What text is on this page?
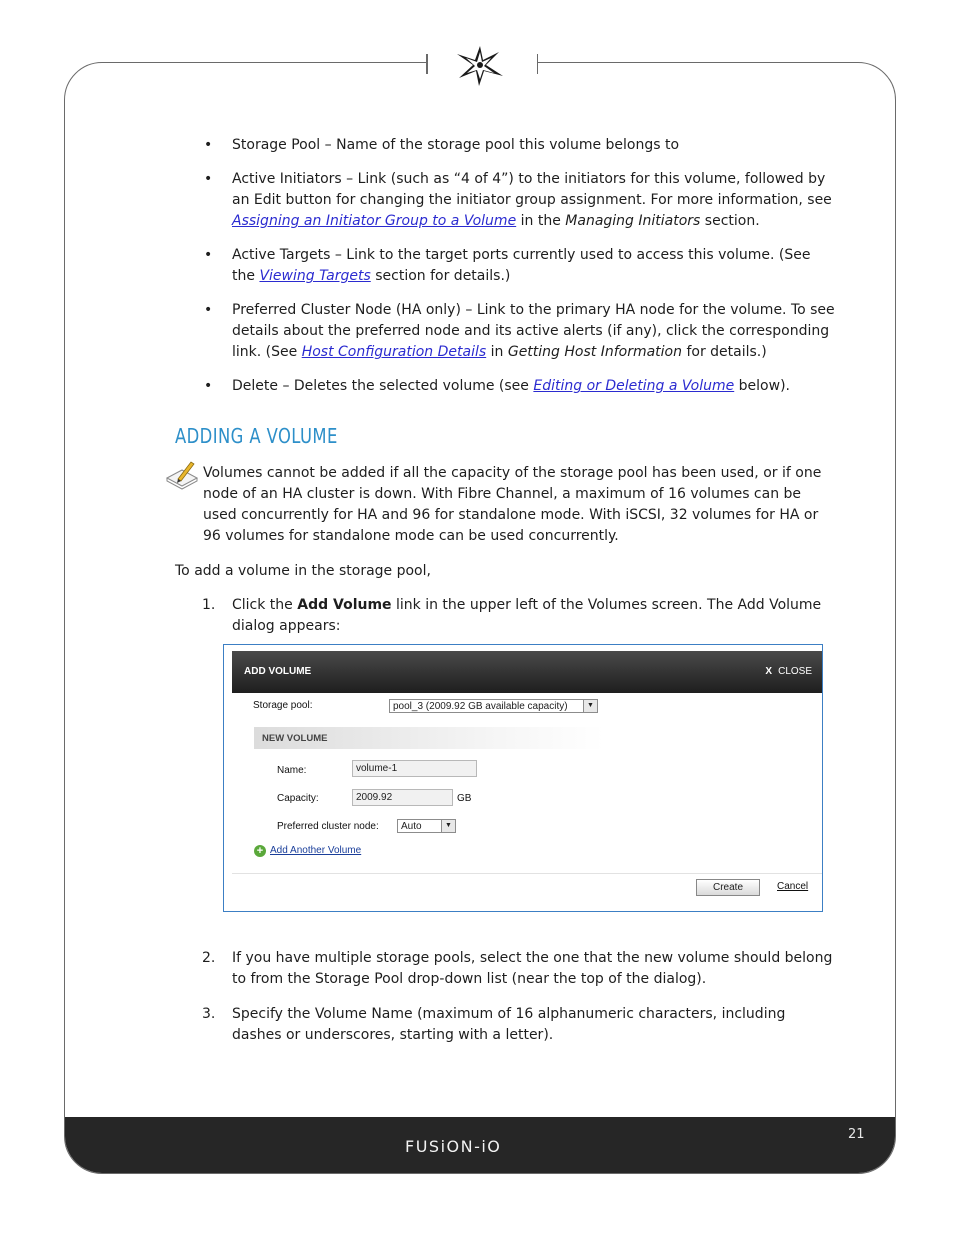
FUSiON-iO
21
• Storage Pool – Name of the storage pool this volume belongs to
• Active Initiators – Link (such as “4 of 4”) to the initiators for this volume, followed by an Edit button for changing the initiator group assignment. For more information, see Assigning an Initiator Group to a Volume in the Managing Initiators section.
• Active Targets – Link to the target ports currently used to access this volume. (See the Viewing Targets section for details.)
• Preferred Cluster Node (HA only) – Link to the primary HA node for the volume. To see details about the preferred node and its active alerts (if any), click the corresponding link. (See Host Configuration Details in Getting Host Information for details.)
• Delete – Deletes the selected volume (see Editing or Deleting a Volume below).
ADDING A VOLUME
Volumes cannot be added if all the capacity of the storage pool has been used, or if one node of an HA cluster is down. With Fibre Channel, a maximum of 16 volumes can be used concurrently for HA and 96 for standalone mode. With iSCSI, 32 volumes for HA or 96 volumes for standalone mode can be used concurrently.
To add a volume in the storage pool,
1. Click the Add Volume link in the upper left of the Volumes screen. The Add Volume dialog appears:
ADD VOLUME	X CLOSE
Storage pool:	pool_3 (2009.92 GB available capacity)	▼
NEW VOLUME
Name:	volume-1
Capacity:	2009.92	GB
Preferred cluster node:	Auto	▼
+ Add Another Volume
Create	Cancel
2. If you have multiple storage pools, select the one that the new volume should belong to from the Storage Pool drop-down list (near the top of the dialog).
3. Specify the Volume Name (maximum of 16 alphanumeric characters, including dashes or underscores, starting with a letter).
